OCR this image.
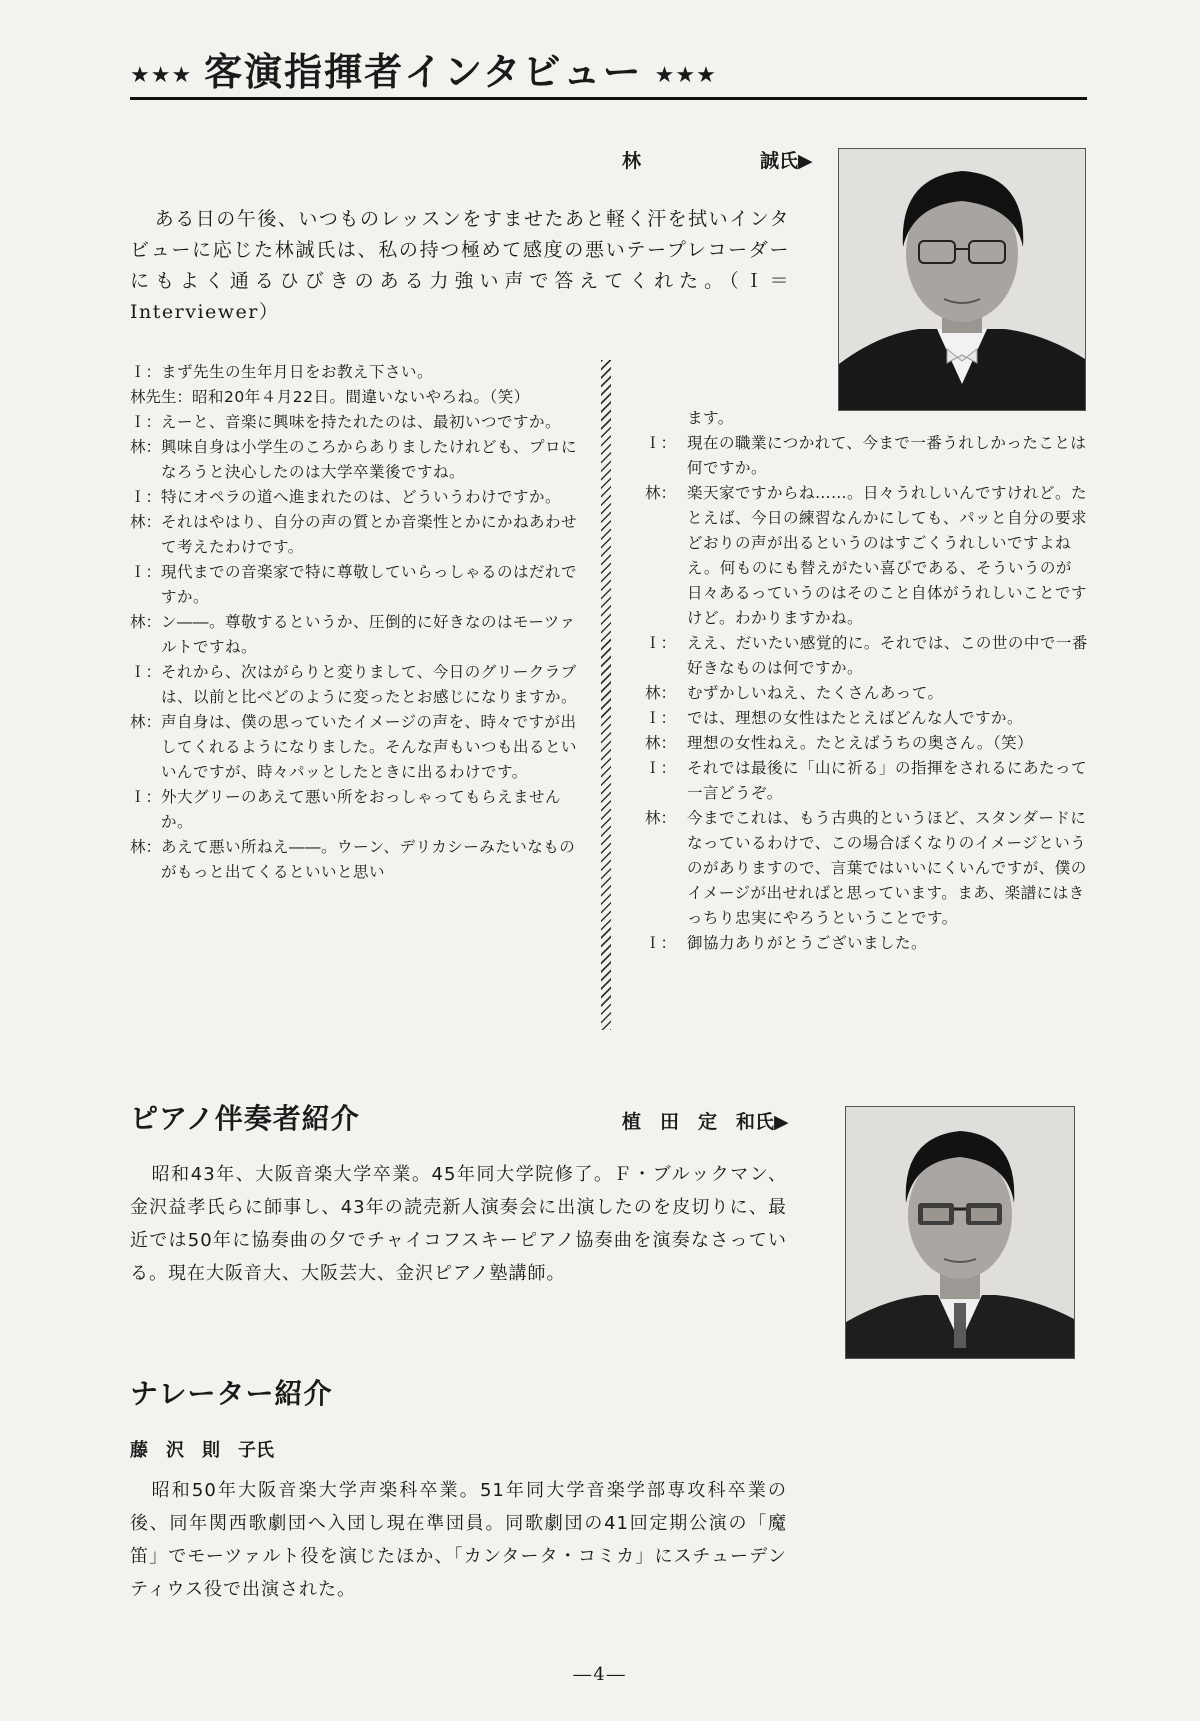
★★★ 客演指揮者インタビュー ★★★
林	誠氏▶

ある日の午後、いつものレッスンをすませたあと軽く汗を拭いインタビューに応じた林誠氏は、私の持つ極めて感度の悪いテープレコーダーにもよく通るひびきのある力強い声で答えてくれた。（Ｉ＝Interviewer）

Ｉ： まず先生の生年月日をお教え下さい。
林先生： 昭和20年４月22日。間違いないやろね。（笑）
Ｉ： えーと、音楽に興味を持たれたのは、最初いつですか。
林： 興味自身は小学生のころからありましたけれども、プロになろうと決心したのは大学卒業後ですね。
Ｉ： 特にオペラの道へ進まれたのは、どういうわけですか。
林： それはやはり、自分の声の質とか音楽性とかにかねあわせて考えたわけです。
Ｉ： 現代までの音楽家で特に尊敬していらっしゃるのはだれですか。
林： ン――。尊敬するというか、圧倒的に好きなのはモーツァルトですね。
Ｉ： それから、次はがらりと変りまして、今日のグリークラブは、以前と比べどのように変ったとお感じになりますか。
林： 声自身は、僕の思っていたイメージの声を、時々ですが出してくれるようになりました。そんな声もいつも出るといいんですが、時々パッとしたときに出るわけです。
Ｉ： 外大グリーのあえて悪い所をおっしゃってもらえませんか。
林： あえて悪い所ねえ――。ウーン、デリカシーみたいなものがもっと出てくるといいと思い
ます。
Ｉ： 現在の職業につかれて、今まで一番うれしかったことは何ですか。
林： 楽天家ですからね……。日々うれしいんですけれど。たとえば、今日の練習なんかにしても、パッと自分の要求どおりの声が出るというのはすごくうれしいですよねえ。何ものにも替えがたい喜びである、そういうのが日々あるっていうのはそのこと自体がうれしいことですけど。わかりますかね。
Ｉ： ええ、だいたい感覚的に。それでは、この世の中で一番好きなものは何ですか。
林： むずかしいねえ、たくさんあって。
Ｉ： では、理想の女性はたとえばどんな人ですか。
林： 理想の女性ねえ。たとえばうちの奥さん。（笑）
Ｉ： それでは最後に「山に祈る」の指揮をされるにあたって一言どうぞ。
林： 今までこれは、もう古典的というほど、スタンダードになっているわけで、この場合ぼくなりのイメージというのがありますので、言葉ではいいにくいんですが、僕のイメージが出せればと思っています。まあ、楽譜にはきっちり忠実にやろうということです。
Ｉ： 御協力ありがとうございました。
ピアノ伴奏者紹介	植　田　定　和氏▶

昭和43年、大阪音楽大学卒業。45年同大学院修了。Ｆ・ブルックマン、金沢益孝氏らに師事し、43年の読売新人演奏会に出演したのを皮切りに、最近では50年に協奏曲の夕でチャイコフスキーピアノ協奏曲を演奏なさっている。現在大阪音大、大阪芸大、金沢ピアノ塾講師。

ナレーター紹介
藤　沢　則　子氏

昭和50年大阪音楽大学声楽科卒業。51年同大学音楽学部専攻科卒業の後、同年関西歌劇団へ入団し現在準団員。同歌劇団の41回定期公演の「魔笛」でモーツァルト役を演じたほか、「カンタータ・コミカ」にスチューデンティウス役で出演された。

―4―
